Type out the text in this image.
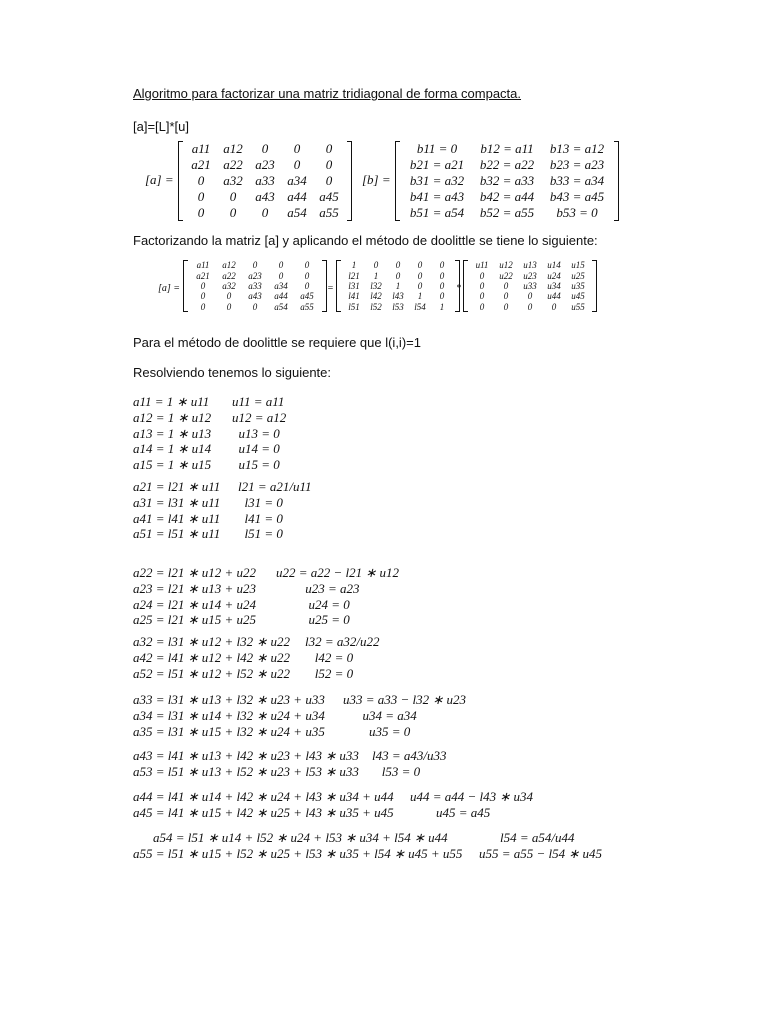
Algoritmo para factorizar una matriz tridiagonal de forma compacta.
[a]=[L]*[u]
[a] =
a11	a12	0	0	0
a21	a22	a23	0	0
0	a32	a33	a34	0
0	0	a43	a44	a45
0	0	0	a54	a55
[b] =
b11 = 0	b12 = a11	b13 = a12
b21 = a21	b22 = a22	b23 = a23
b31 = a32	b32 = a33	b33 = a34
b41 = a43	b42 = a44	b43 = a45
b51 = a54	b52 = a55	b53 = 0
Factorizando la matriz [a] y aplicando el método de doolittle se tiene lo siguiente:
[a] =
a11	a12	0	0	0
a21	a22	a23	0	0
0	a32	a33	a34	0
0	0	a43	a44	a45
0	0	0	a54	a55
=
1	0	0	0	0
l21	1	0	0	0
l31	l32	1	0	0
l41	l42	l43	1	0
l51	l52	l53	l54	1
*
u11	u12	u13	u14	u15
0	u22	u23	u24	u25
0	0	u33	u34	u35
0	0	0	u44	u45
0	0	0	0	u55
Para el método de doolittle se requiere que l(i,i)=1
Resolviendo tenemos lo siguiente:
a11 = 1 ∗ u11 u11 = a11
a12 = 1 ∗ u12 u12 = a12
a13 = 1 ∗ u13 u13 = 0
a14 = 1 ∗ u14 u14 = 0
a15 = 1 ∗ u15 u15 = 0
a21 = l21 ∗ u11 l21 = a21/u11
a31 = l31 ∗ u11 l31 = 0
a41 = l41 ∗ u11 l41 = 0
a51 = l51 ∗ u11 l51 = 0
a22 = l21 ∗ u12 + u22 u22 = a22 − l21 ∗ u12
a23 = l21 ∗ u13 + u23 u23 = a23
a24 = l21 ∗ u14 + u24 u24 = 0
a25 = l21 ∗ u15 + u25 u25 = 0
a32 = l31 ∗ u12 + l32 ∗ u22 l32 = a32/u22
a42 = l41 ∗ u12 + l42 ∗ u22 l42 = 0
a52 = l51 ∗ u12 + l52 ∗ u22 l52 = 0
a33 = l31 ∗ u13 + l32 ∗ u23 + u33 u33 = a33 − l32 ∗ u23
a34 = l31 ∗ u14 + l32 ∗ u24 + u34 u34 = a34
a35 = l31 ∗ u15 + l32 ∗ u24 + u35 u35 = 0
a43 = l41 ∗ u13 + l42 ∗ u23 + l43 ∗ u33 l43 = a43/u33
a53 = l51 ∗ u13 + l52 ∗ u23 + l53 ∗ u33 l53 = 0
a44 = l41 ∗ u14 + l42 ∗ u24 + l43 ∗ u34 + u44 u44 = a44 − l43 ∗ u34
a45 = l41 ∗ u15 + l42 ∗ u25 + l43 ∗ u35 + u45 u45 = a45
a54 = l51 ∗ u14 + l52 ∗ u24 + l53 ∗ u34 + l54 ∗ u44	l54 = a54/u44
a55 = l51 ∗ u15 + l52 ∗ u25 + l53 ∗ u35 + l54 ∗ u45 + u55 u55 = a55 − l54 ∗ u45
